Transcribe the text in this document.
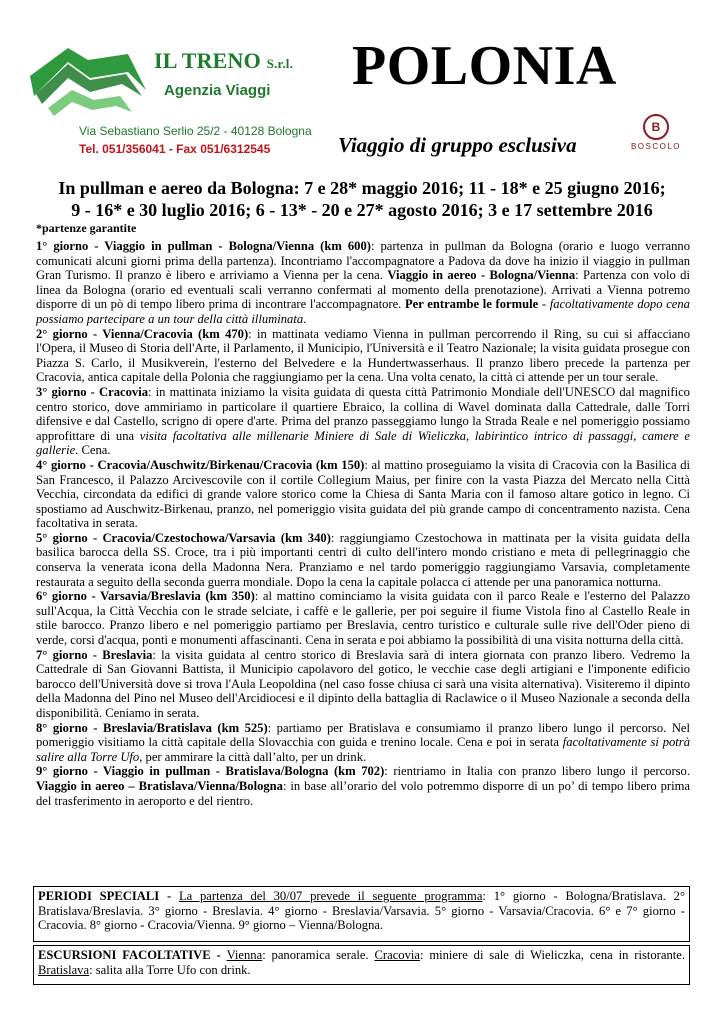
IL TRENO S.r.l.
Agenzia Viaggi
Via Sebastiano Serlio 25/2 - 40128 Bologna
Tel. 051/356041 - Fax 051/6312545
POLONIA
Viaggio di gruppo esclusiva
B
BOSCOLO
In pullman e aereo da Bologna: 7 e 28* maggio 2016; 11 - 18* e 25 giugno 2016;
9 - 16* e 30 luglio 2016; 6 - 13* - 20 e 27* agosto 2016; 3 e 17 settembre 2016
*partenze garantite

1° giorno - Viaggio in pullman - Bologna/Vienna (km 600): partenza in pullman da Bologna (orario e luogo verranno comunicati alcuni giorni prima della partenza). Incontriamo l'accompagnatore a Padova da dove ha inizio il viaggio in pullman Gran Turismo. Il pranzo è libero e arriviamo a Vienna per la cena. Viaggio in aereo - Bologna/Vienna: Partenza con volo di linea da Bologna (orario ed eventuali scali verranno confermati al momento della prenotazione). Arrivati a Vienna potremo disporre di un pò di tempo libero prima di incontrare l'accompagnatore. Per entrambe le formule - facoltativamente dopo cena possiamo partecipare a un tour della città illuminata.

2° giorno - Vienna/Cracovia (km 470): in mattinata vediamo Vienna in pullman percorrendo il Ring, su cui si affacciano l'Opera, il Museo di Storia dell'Arte, il Parlamento, il Municipio, l'Università e il Teatro Nazionale; la visita guidata prosegue con Piazza S. Carlo, il Musikverein, l'esterno del Belvedere e la Hundertwasserhaus. Il pranzo libero precede la partenza per Cracovia, antica capitale della Polonia che raggiungiamo per la cena. Una volta cenato, la città ci attende per un tour serale.

3° giorno - Cracovia: in mattinata iniziamo la visita guidata di questa città Patrimonio Mondiale dell'UNESCO dal magnifico centro storico, dove ammiriamo in particolare il quartiere Ebraico, la collina di Wavel dominata dalla Cattedrale, dalle Torri difensive e dal Castello, scrigno di opere d'arte. Prima del pranzo passeggiamo lungo la Strada Reale e nel pomeriggio possiamo approfittare di una visita facoltativa alle millenarie Miniere di Sale di Wieliczka, labirintico intrico di passaggi, camere e gallerie. Cena.

4° giorno - Cracovia/Auschwitz/Birkenau/Cracovia (km 150): al mattino proseguiamo la visita di Cracovia con la Basilica di San Francesco, il Palazzo Arcivescovile con il cortile Collegium Maius, per finire con la vasta Piazza del Mercato nella Città Vecchia, circondata da edifici di grande valore storico come la Chiesa di Santa Maria con il famoso altare gotico in legno. Ci spostiamo ad Auschwitz-Birkenau, pranzo, nel pomeriggio visita guidata del più grande campo di concentramento nazista. Cena facoltativa in serata.

5° giorno - Cracovia/Czestochowa/Varsavia (km 340): raggiungiamo Czestochowa in mattinata per la visita guidata della basilica barocca della SS. Croce, tra i più importanti centri di culto dell'intero mondo cristiano e meta di pellegrinaggio che conserva la venerata icona della Madonna Nera. Pranziamo e nel tardo pomeriggio raggiungiamo Varsavia, completamente restaurata a seguito della seconda guerra mondiale. Dopo la cena la capitale polacca ci attende per una panoramica notturna.

6° giorno - Varsavia/Breslavia (km 350): al mattino cominciamo la visita guidata con il parco Reale e l'esterno del Palazzo sull'Acqua, la Città Vecchia con le strade selciate, i caffè e le gallerie, per poi seguire il fiume Vistola fino al Castello Reale in stile barocco. Pranzo libero e nel pomeriggio partiamo per Breslavia, centro turistico e culturale sulle rive dell'Oder pieno di verde, corsi d'acqua, ponti e monumenti affascinanti. Cena in serata e poi abbiamo la possibilità di una visita notturna della città.

7° giorno - Breslavia: la visita guidata al centro storico di Breslavia sarà di intera giornata con pranzo libero. Vedremo la Cattedrale di San Giovanni Battista, il Municipio capolavoro del gotico, le vecchie case degli artigiani e l'imponente edificio barocco dell'Università dove si trova l'Aula Leopoldina (nel caso fosse chiusa ci sarà una visita alternativa). Visiteremo il dipinto della Madonna del Pino nel Museo dell'Arcidiocesi e il dipinto della battaglia di Raclawice o il Museo Nazionale a seconda della disponibilità. Ceniamo in serata.

8° giorno - Breslavia/Bratislava (km 525): partiamo per Bratislava e consumiamo il pranzo libero lungo il percorso. Nel pomeriggio visitiamo la città capitale della Slovacchia con guida e trenino locale. Cena e poi in serata facoltativamente si potrà salire alla Torre Ufo, per ammirare la città dall’alto, per un drink.

9° giorno - Viaggio in pullman - Bratislava/Bologna (km 702): rientriamo in Italia con pranzo libero lungo il percorso. Viaggio in aereo – Bratislava/Vienna/Bologna: in base all’orario del volo potremmo disporre di un po’ di tempo libero prima del trasferimento in aeroporto e del rientro.

PERIODI SPECIALI - La partenza del 30/07 prevede il seguente programma: 1° giorno - Bologna/Bratislava. 2° Bratislava/Breslavia. 3° giorno - Breslavia. 4° giorno - Breslavia/Varsavia. 5° giorno - Varsavia/Cracovia. 6° e 7° giorno - Cracovia. 8° giorno - Cracovia/Vienna. 9° giorno – Vienna/Bologna.
ESCURSIONI FACOLTATIVE - Vienna: panoramica serale. Cracovia: miniere di sale di Wieliczka, cena in ristorante. Bratislava: salita alla Torre Ufo con drink.
